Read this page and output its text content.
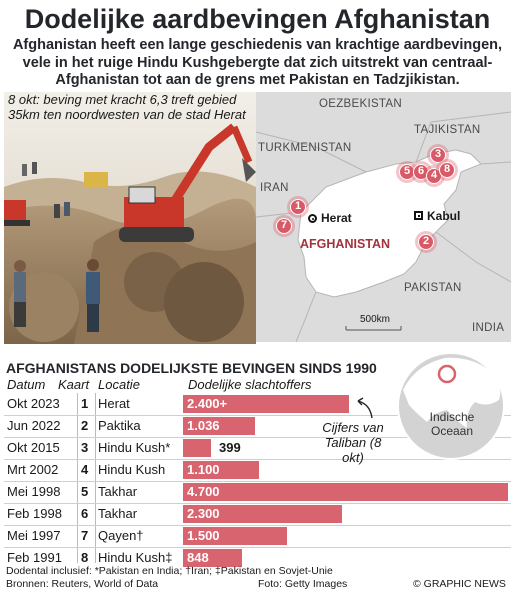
Dodelijke aardbevingen Afghanistan
Afghanistan heeft een lange geschiedenis van krachtige aardbevingen, vele in het ruige Hindu Kushgebergte dat zich uitstrekt van centraal-Afghanistan tot aan de grens met Pakistan en Tadzjikistan.
8 okt: beving met kracht 6,3 treft gebied 35km ten noordwesten van de stad Herat
OEZBEKISTAN
TAJIKISTAN
TURKMENISTAN
IRAN
AFGHANISTAN
PAKISTAN
INDIA
500km
Herat	Kabul
1
7
2
5 6
3
4 8
AFGHANISTANS DODELIJKSTE BEVINGEN SINDS 1990
Datum Kaart Locatie	Dodelijke slachtoffers
Okt 2023 1 Herat	2.400+
Jun 2022 2 Paktika	1.036
Okt 2015 3 Hindu Kush*	399
Mrt 2002 4 Hindu Kush	1.100
Mei 1998 5 Takhar	4.700
Feb 1998 6 Takhar	2.300
Mei 1997 7 Qayen†	1.500
Feb 1991 8 Hindu Kush‡	848
Cijfers van Taliban (8 okt)
Indische Oceaan
Dodental inclusief: *Pakistan en India; †Iran; ‡Pakistan en Sovjet-Unie
Bronnen: Reuters, World of Data	Foto: Getty Images	© GRAPHIC NEWS
